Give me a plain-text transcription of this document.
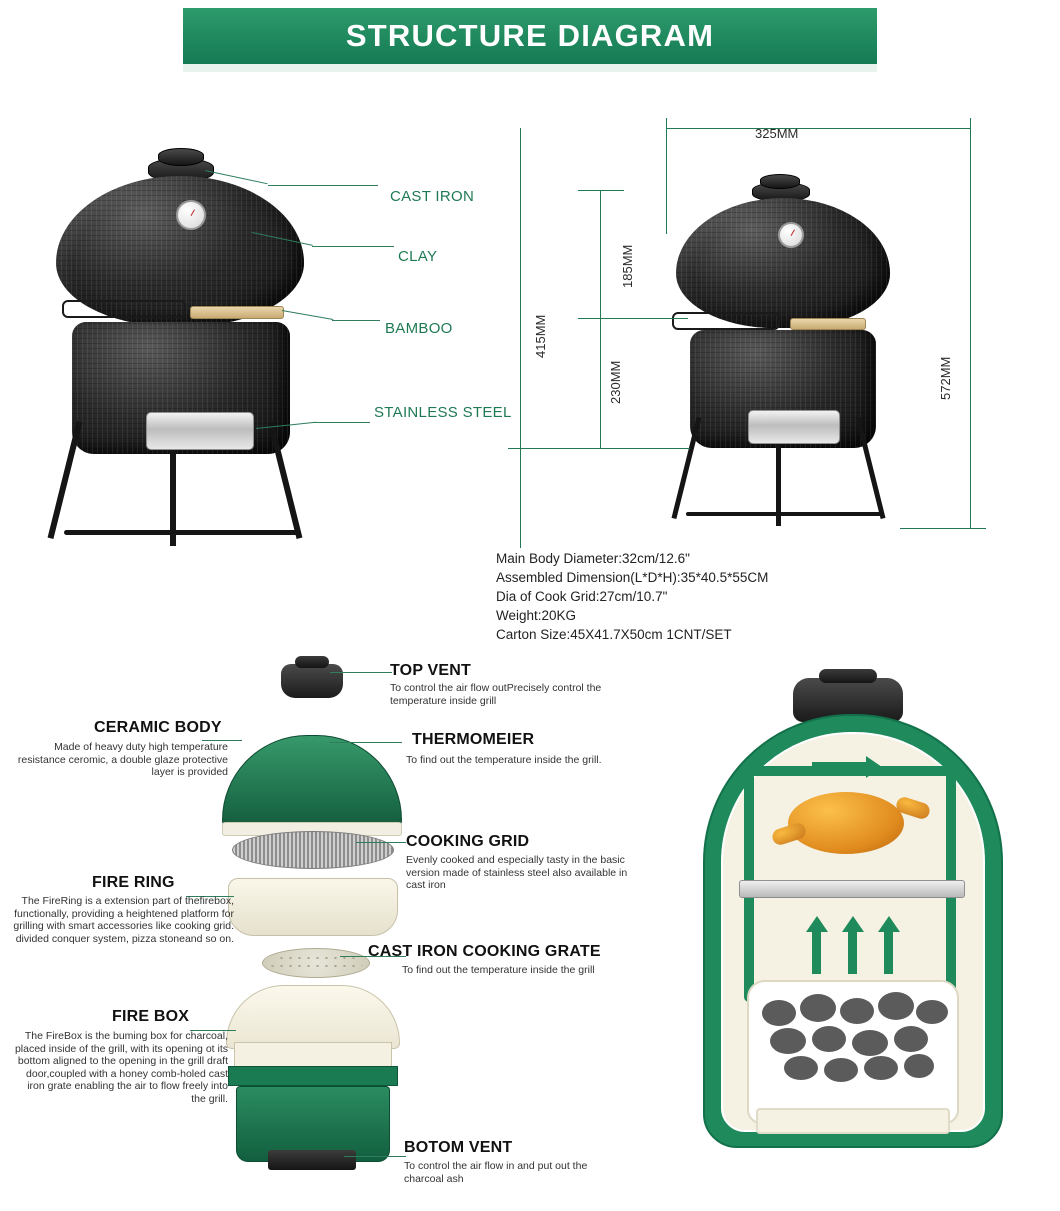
STRUCTURE DIAGRAM
CAST IRON
CLAY
BAMBOO
STAINLESS STEEL
325MM
185MM
415MM
230MM	572MM
Main Body Diameter:32cm/12.6"
Assembled Dimension(L*D*H):35*40.5*55CM
Dia of Cook Grid:27cm/10.7"
Weight:20KG
Carton Size:45X41.7X50cm 1CNT/SET
TOP VENT
To control the air flow outPrecisely control the temperature inside grill
THERMOMEIER
To find out the temperature inside the grill.
COOKING GRID
Evenly cooked and especially tasty in the basic version made of stainless steel also available in cast iron
CAST IRON COOKING GRATE
To find out the temperature inside the grill
BOTOM VENT
To control the air flow in and put out the charcoal ash
CERAMIC BODY
Made of heavy duty high temperature resistance ceromic, a double glaze protective layer is provided
FIRE RING
The FireRing is a extension part of thefirebox, functionally, providing a heightened platform for grilling with smart accessories like cooking grid. divided conquer system, pizza stoneand so on.
FIRE BOX
The FireBox is the buming box for charcoal, placed inside of the grill, with its opening ot its bottom aligned to the opening in the grill draft door,coupled with a honey comb-holed cast iron grate enabling the air to flow freely into the grill.
